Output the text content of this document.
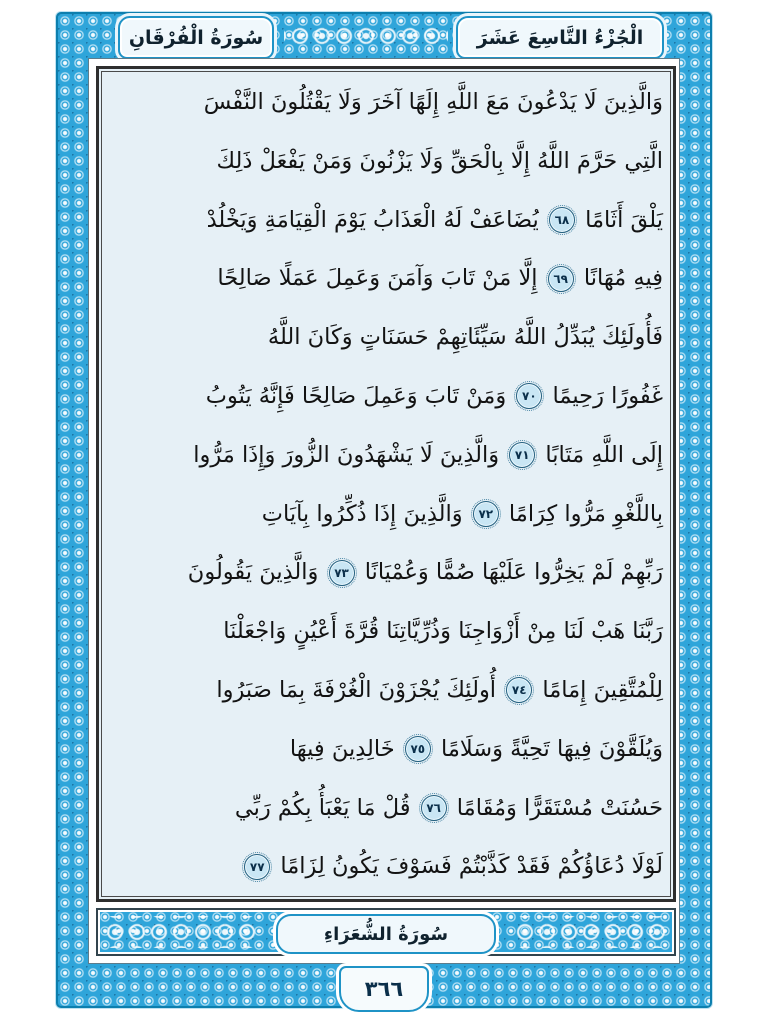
سُورَةُ الْفُرْقَانِ	الْجُزْءُ التَّاسِعَ عَشَرَ
وَالَّذِينَ لَا يَدْعُونَ مَعَ اللَّهِ إِلَهًا آخَرَ وَلَا يَقْتُلُونَ النَّفْسَ
الَّتِي حَرَّمَ اللَّهُ إِلَّا بِالْحَقِّ وَلَا يَزْنُونَ وَمَنْ يَفْعَلْ ذَلِكَ
يَلْقَ أَثَامًا
٦٨
يُضَاعَفْ لَهُ الْعَذَابُ يَوْمَ الْقِيَامَةِ وَيَخْلُدْ
فِيهِ مُهَانًا
٦٩
إِلَّا مَنْ تَابَ وَآمَنَ وَعَمِلَ عَمَلًا صَالِحًا
فَأُولَئِكَ يُبَدِّلُ اللَّهُ سَيِّئَاتِهِمْ حَسَنَاتٍ وَكَانَ اللَّهُ
غَفُورًا رَحِيمًا
٧٠
وَمَنْ تَابَ وَعَمِلَ صَالِحًا فَإِنَّهُ يَتُوبُ
إِلَى اللَّهِ مَتَابًا
٧١
وَالَّذِينَ لَا يَشْهَدُونَ الزُّورَ وَإِذَا مَرُّوا
بِاللَّغْوِ مَرُّوا كِرَامًا
٧٢
وَالَّذِينَ إِذَا ذُكِّرُوا بِآيَاتِ
رَبِّهِمْ لَمْ يَخِرُّوا عَلَيْهَا صُمًّا وَعُمْيَانًا
٧٣
وَالَّذِينَ يَقُولُونَ
رَبَّنَا هَبْ لَنَا مِنْ أَزْوَاجِنَا وَذُرِّيَّاتِنَا قُرَّةَ أَعْيُنٍ وَاجْعَلْنَا
لِلْمُتَّقِينَ إِمَامًا
٧٤
أُولَئِكَ يُجْزَوْنَ الْغُرْفَةَ بِمَا صَبَرُوا
وَيُلَقَّوْنَ فِيهَا تَحِيَّةً وَسَلَامًا
٧٥
خَالِدِينَ فِيهَا
حَسُنَتْ مُسْتَقَرًّا وَمُقَامًا
٧٦
قُلْ مَا يَعْبَأُ بِكُمْ رَبِّي
لَوْلَا دُعَاؤُكُمْ فَقَدْ كَذَّبْتُمْ فَسَوْفَ يَكُونُ لِزَامًا
٧٧
سُورَةُ الشُّعَرَاءِ
٣٦٦
